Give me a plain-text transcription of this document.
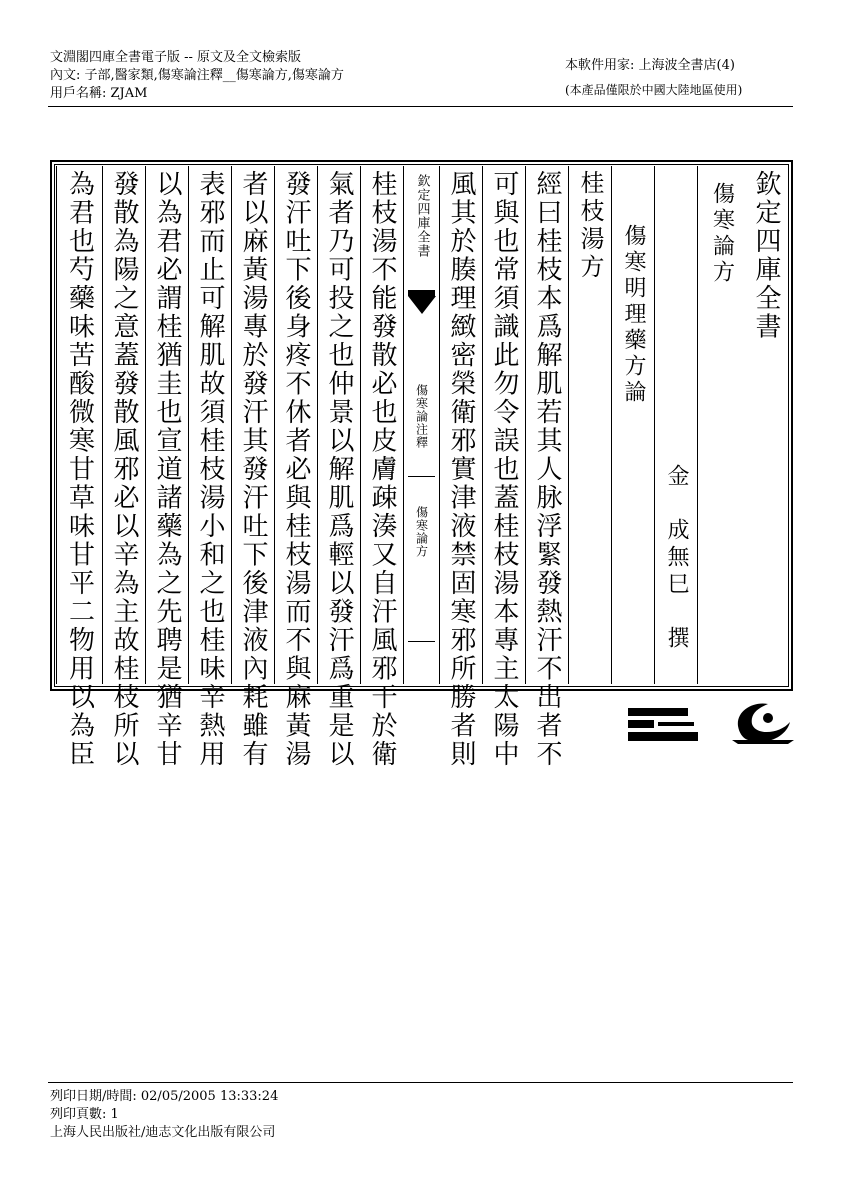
文淵閣四庫全書電子版 -- 原文及全文檢索版
內文: 子部,醫家類,傷寒論注釋__傷寒論方,傷寒論方
用戶名稱: ZJAM
本軟件用家: 上海波全書店(4)
(本產品僅限於中國大陸地區使用)
欽定四庫全書
傷寒論方
金　成無巳　撰
傷寒明理藥方論
桂枝湯方
經曰桂枝本爲解肌若其人脉浮緊發熱汗不出者不
可與也常須識此勿令誤也蓋桂枝湯本專主太陽中
風其於腠理緻密榮衛邪實津液禁固寒邪所勝者則
欽定四庫全書
傷寒論注釋
傷寒論方
桂枝湯不能發散必也皮膚疎湊又自汗風邪干於衛
氣者乃可投之也仲景以解肌爲輕以發汗爲重是以
發汗吐下後身疼不休者必與桂枝湯而不與麻黃湯
者以麻黃湯專於發汗其發汗吐下後津液內耗雖有
表邪而止可解肌故須桂枝湯小和之也桂味辛熱用
以為君必謂桂猶圭也宣道諸藥為之先聘是猶辛甘
發散為陽之意蓋發散風邪必以辛為主故桂枝所以
為君也芍藥味苦酸微寒甘草味甘平二物用以為臣
列印日期/時間: 02/05/2005 13:33:24
列印頁數: 1
上海人民出版社/迪志文化出版有限公司
